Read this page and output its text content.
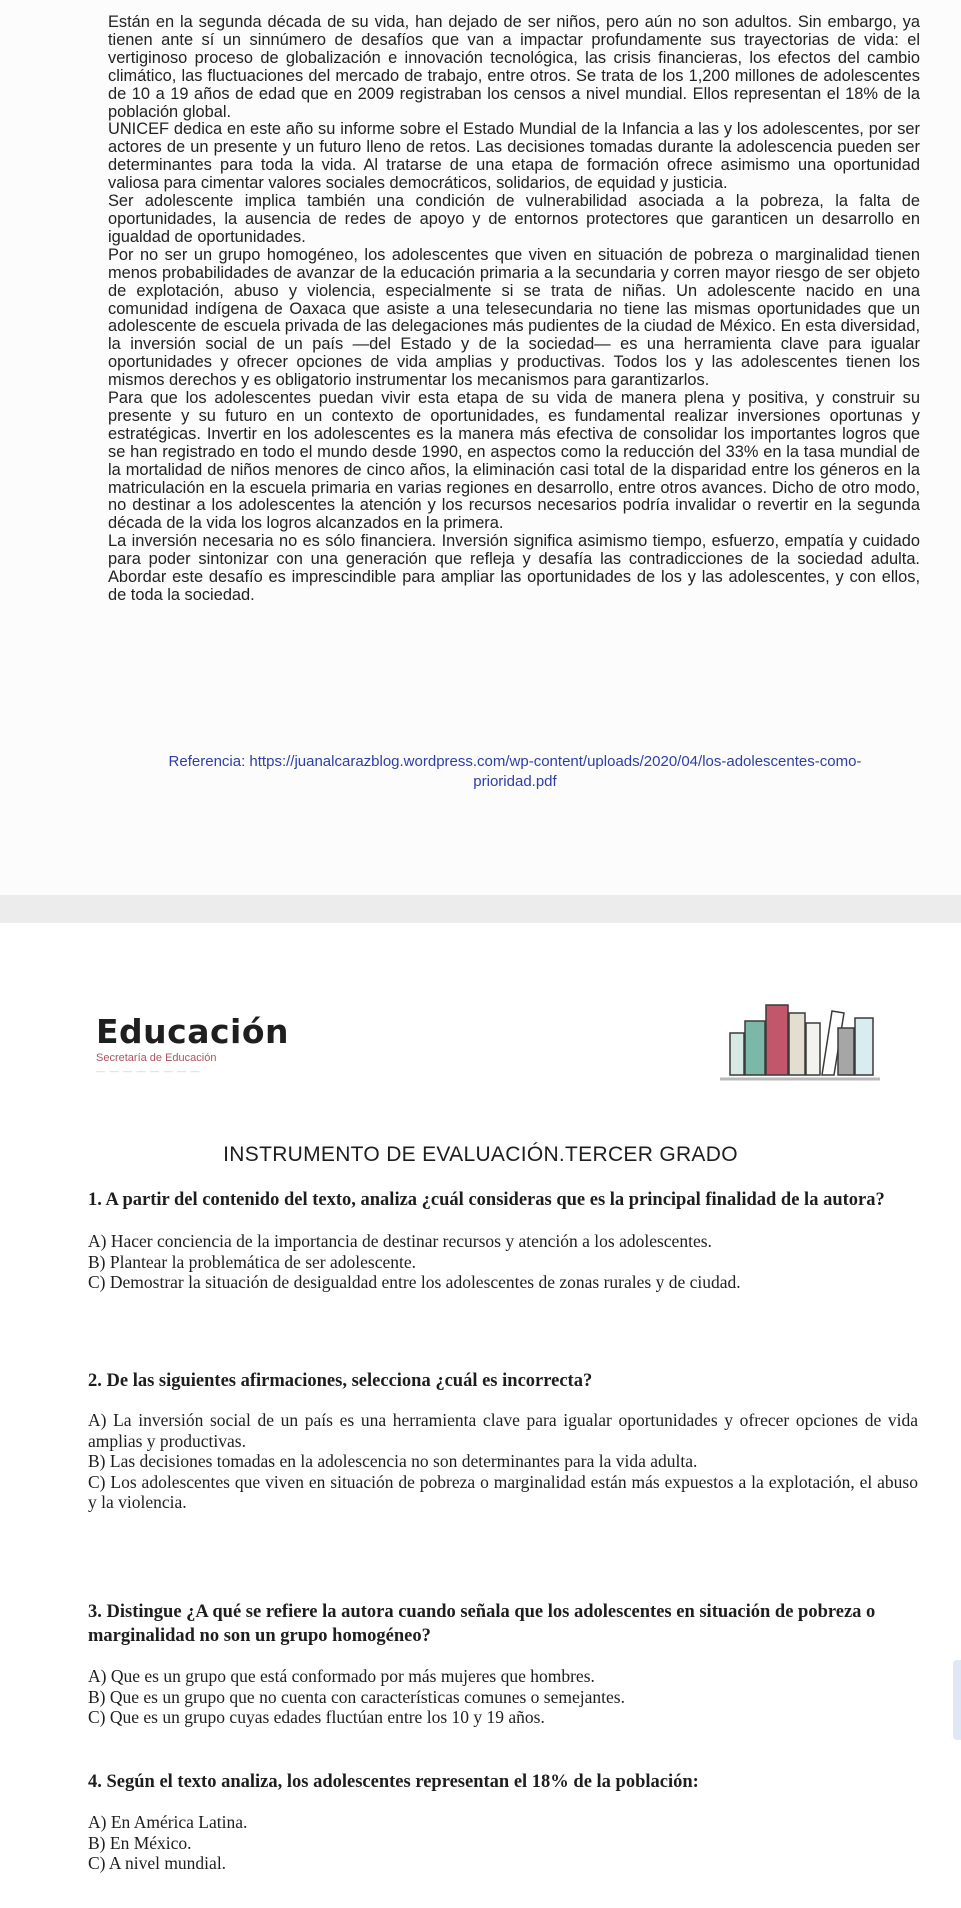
Están en la segunda década de su vida, han dejado de ser niños, pero aún no son adultos. Sin embargo, ya tienen ante sí un sinnúmero de desafíos que van a impactar profundamente sus trayectorias de vida: el vertiginoso proceso de globalización e innovación tecnológica, las crisis financieras, los efectos del cambio climático, las fluctuaciones del mercado de trabajo, entre otros. Se trata de los 1,200 millones de adolescentes de 10 a 19 años de edad que en 2009 registraban los censos a nivel mundial. Ellos representan el 18% de la población global.

UNICEF dedica en este año su informe sobre el Estado Mundial de la Infancia a las y los adolescentes, por ser actores de un presente y un futuro lleno de retos. Las decisiones tomadas durante la adolescencia pueden ser determinantes para toda la vida. Al tratarse de una etapa de formación ofrece asimismo una oportunidad valiosa para cimentar valores sociales democráticos, solidarios, de equidad y justicia.

Ser adolescente implica también una condición de vulnerabilidad asociada a la pobreza, la falta de oportunidades, la ausencia de redes de apoyo y de entornos protectores que garanticen un desarrollo en igualdad de oportunidades.

Por no ser un grupo homogéneo, los adolescentes que viven en situación de pobreza o marginalidad tienen menos probabilidades de avanzar de la educación primaria a la secundaria y corren mayor riesgo de ser objeto de explotación, abuso y violencia, especialmente si se trata de niñas. Un adolescente nacido en una comunidad indígena de Oaxaca que asiste a una telesecundaria no tiene las mismas oportunidades que un adolescente de escuela privada de las delegaciones más pudientes de la ciudad de México. En esta diversidad, la inversión social de un país —del Estado y de la sociedad— es una herramienta clave para igualar oportunidades y ofrecer opciones de vida amplias y productivas. Todos los y las adolescentes tienen los mismos derechos y es obligatorio instrumentar los mecanismos para garantizarlos.

Para que los adolescentes puedan vivir esta etapa de su vida de manera plena y positiva, y construir su presente y su futuro en un contexto de oportunidades, es fundamental realizar inversiones oportunas y estratégicas. Invertir en los adolescentes es la manera más efectiva de consolidar los importantes logros que se han registrado en todo el mundo desde 1990, en aspectos como la reducción del 33% en la tasa mundial de la mortalidad de niños menores de cinco años, la eliminación casi total de la disparidad entre los géneros en la matriculación en la escuela primaria en varias regiones en desarrollo, entre otros avances. Dicho de otro modo, no destinar a los adolescentes la atención y los recursos necesarios podría invalidar o revertir en la segunda década de la vida los logros alcanzados en la primera.

La inversión necesaria no es sólo financiera. Inversión significa asimismo tiempo, esfuerzo, empatía y cuidado para poder sintonizar con una generación que refleja y desafía las contradicciones de la sociedad adulta. Abordar este desafío es imprescindible para ampliar las oportunidades de los y las adolescentes, y con ellos, de toda la sociedad.

Referencia: https://juanalcarazblog.wordpress.com/wp-content/uploads/2020/04/los-adolescentes-como-
prioridad.pdf
Educación
Secretaría de Educación
— — — — — — — —
INSTRUMENTO DE EVALUACIÓN.TERCER GRADO

1. A partir del contenido del texto, analiza ¿cuál consideras que es la principal finalidad de la autora?

A) Hacer conciencia de la importancia de destinar recursos y atención a los adolescentes.

B) Plantear la problemática de ser adolescente.

C) Demostrar la situación de desigualdad entre los adolescentes de zonas rurales y de ciudad.

2. De las siguientes afirmaciones, selecciona ¿cuál es incorrecta?

A) La inversión social de un país es una herramienta clave para igualar oportunidades y ofrecer opciones de vida amplias y productivas.

B) Las decisiones tomadas en la adolescencia no son determinantes para la vida adulta.

C) Los adolescentes que viven en situación de pobreza o marginalidad están más expuestos a la explotación, el abuso y la violencia.

3. Distingue ¿A qué se refiere la autora cuando señala que los adolescentes en situación de pobreza o marginalidad no son un grupo homogéneo?

A) Que es un grupo que está conformado por más mujeres que hombres.

B) Que es un grupo que no cuenta con características comunes o semejantes.

C) Que es un grupo cuyas edades fluctúan entre los 10 y 19 años.

4. Según el texto analiza, los adolescentes representan el 18% de la población:

A) En América Latina.

B) En México.

C) A nivel mundial.
